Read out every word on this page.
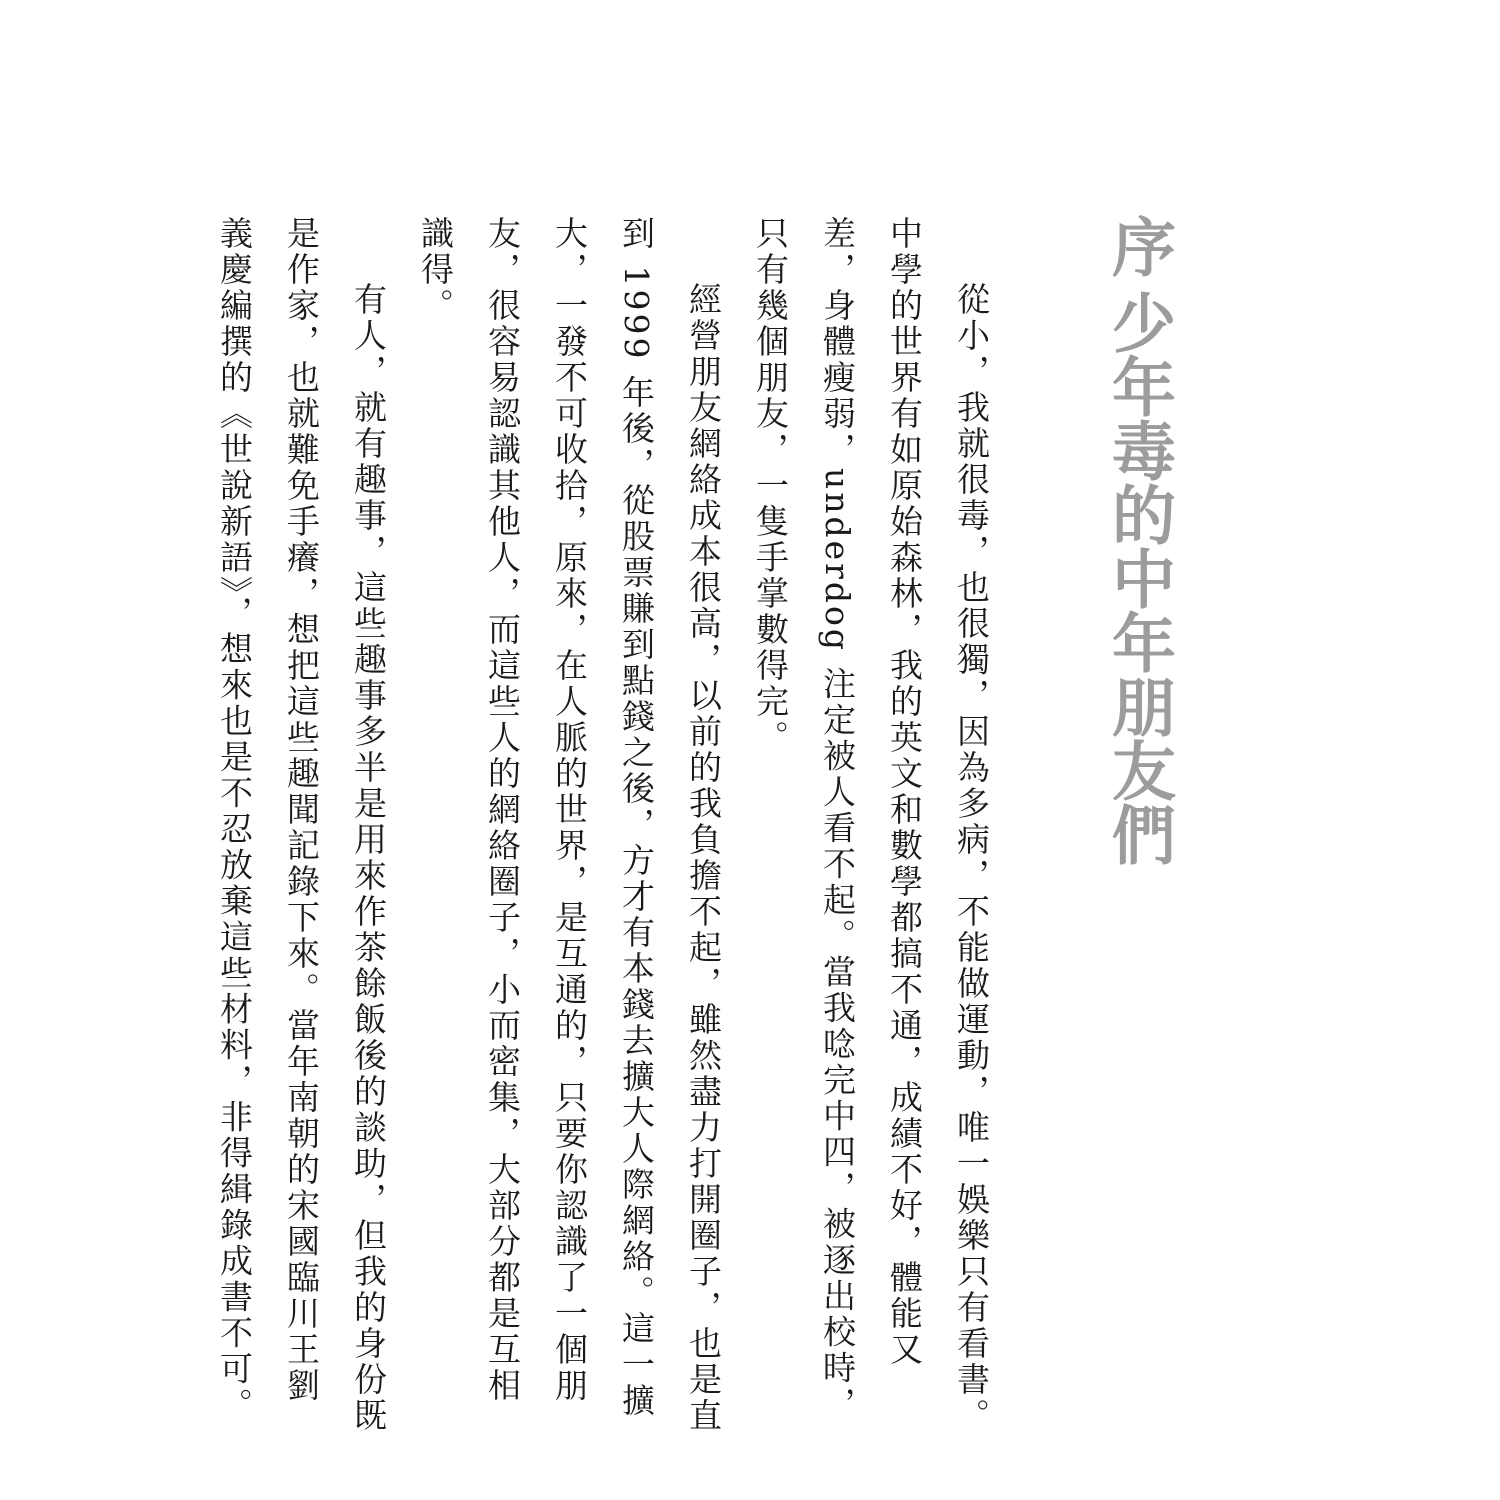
序少年毒的中年朋友們

從小，我就很毒，也很獨，因為多病，不能做運動，唯一娛樂只有看書。中學的世界有如原始森林，我的英文和數學都搞不通，成績不好，體能又差，身體瘦弱，underdog 注定被人看不起。當我唸完中四，被逐出校時，只有幾個朋友，一隻手掌數得完。

經營朋友網絡成本很高，以前的我負擔不起，雖然盡力打開圈子，也是直到 1999 年後，從股票賺到點錢之後，方才有本錢去擴大人際網絡。這一擴大，一發不可收拾，原來，在人脈的世界，是互通的，只要你認識了一個朋友，很容易認識其他人，而這些人的網絡圈子，小而密集，大部分都是互相識得。

有人，就有趣事，這些趣事多半是用來作茶餘飯後的談助，但我的身份既是作家，也就難免手癢，想把這些趣聞記錄下來。當年南朝的宋國臨川王劉義慶編撰的《世說新語》，想來也是不忍放棄這些材料，非得緝錄成書不可。
